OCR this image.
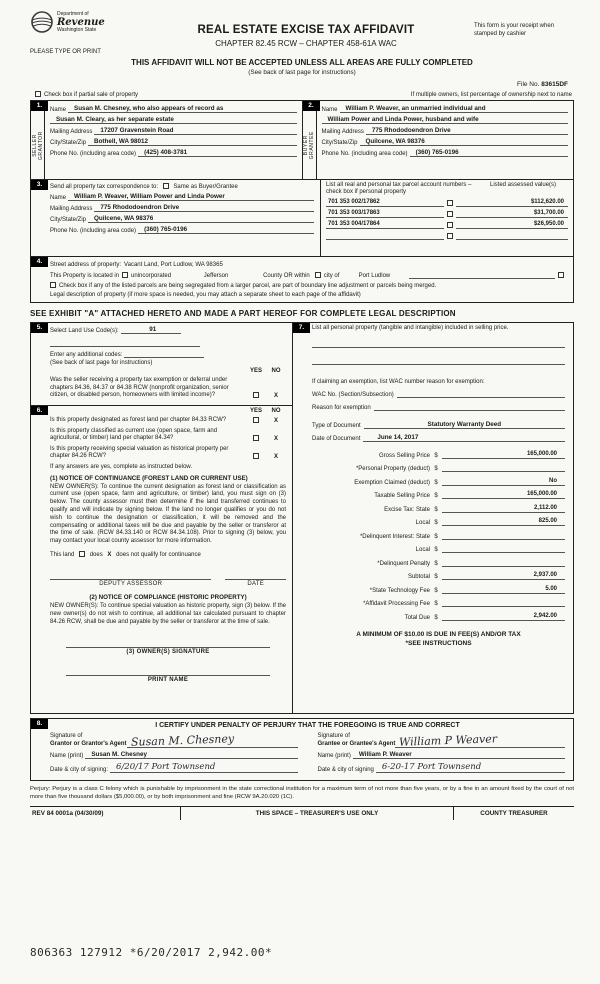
Department of
Revenue
Washington State
PLEASE TYPE OR PRINT
REAL ESTATE EXCISE TAX AFFIDAVIT
CHAPTER 82.45 RCW – CHAPTER 458-61A WAC
This form is your receipt when stamped by cashier
THIS AFFIDAVIT WILL NOT BE ACCEPTED UNLESS ALL AREAS ARE FULLY COMPLETED
(See back of last page for instructions)
File No. 83615DF
Check box if partial sale of property	If multiple owners, list percentage of ownership next to name
1.
SELLER GRANTOR
Name	Susan M. Chesney, who also appears of record as
Susan M. Cleary, as her separate estate
Mailing Address	17207 Gravenstein Road
City/State/Zip	Bothell, WA 98012
Phone No. (including area code)	(425) 408-3781
2.
BUYER GRANTEE
Name	William P. Weaver, an unmarried individual and
William Power and Linda Power, husband and wife
Mailing Address	775 Rhododoendron Drive
City/State/Zip	Quilcene, WA 98376
Phone No. (including area code)	(360) 765-0196
3.	Send all property tax correspondence to:	Same as Buyer/Grantee
Name	William P. Weaver, William Power and Linda Power
Mailing Address	775 Rhododoendron Drive
City/State/Zip	Quilcene, WA 98376
Phone No. (including area code)	(360) 765-0196
List all real and personal tax parcel account numbers – check box if personal property
Listed assessed value(s)
701 353 002/17862	$112,620.00
701 353 003/17863	$31,700.00
701 353 004/17864	$26,950.00
4.	Street address of property: Vacant Land, Port Ludlow, WA 98365
This Property is located in unincorporated	Jefferson	County OR within city of	Port Ludlow
Check box if any of the listed parcels are being segregated from a larger parcel, are part of boundary line adjustment or parcels being merged.
Legal description of property (if more space is needed, you may attach a separate sheet to each page of the affidavit)
SEE EXHIBIT "A" ATTACHED HERETO AND MADE A PART HEREOF FOR COMPLETE LEGAL DESCRIPTION
5.	Select Land Use Code(s):	91
Enter any additional codes:
(See back of last page for instructions)
YES	NO
Was the seller receiving a property tax exemption or deferral under chapters 84.36, 84.37 or 84.38 RCW (nonprofit organization, senior citizen, or disabled person, homeowners with limited income)?	X
6.	YES	NO
Is this property designated as forest land per chapter 84.33 RCW?	X
Is this property classified as current use (open space, farm and agricultural, or timber) land per chapter 84.34?	X
Is this property receiving special valuation as historical property per chapter 84.26 RCW?	X
If any answers are yes, complete as instructed below.
(1) NOTICE OF CONTINUANCE (FOREST LAND OR CURRENT USE)
NEW OWNER(S): To continue the current designation as forest land or classification as current use (open space, farm and agriculture, or timber) land, you must sign on (3) below. The county assessor must then determine if the land transferred continues to qualify and will indicate by signing below. If the land no longer qualifies or you do not wish to continue the designation or classification, it will be removed and the compensating or additional taxes will be due and payable by the seller or transferor at the time of sale. (RCW 84.33.140 or RCW 84.34.108). Prior to signing (3) below, you may contact your local county assessor for more information.
This land	does X does not qualify for continuance
DEPUTY ASSESSOR	DATE
(2) NOTICE OF COMPLIANCE (HISTORIC PROPERTY)
NEW OWNER(S): To continue special valuation as historic property, sign (3) below. If the new owner(s) do not wish to continue, all additional tax calculated pursuant to chapter 84.26 RCW, shall be due and payable by the seller or transferor at the time of sale.
(3) OWNER(S) SIGNATURE
PRINT NAME
7.	List all personal property (tangible and intangible) included in selling price.
If claiming an exemption, list WAC number reason for exemption:
WAC No. (Section/Subsection)
Reason for exemption
Type of Document	Statutory Warranty Deed
Date of Document	June 14, 2017
Gross Selling Price $	165,000.00
*Personal Property (deduct) $
Exemption Claimed (deduct) $	No
Taxable Selling Price $	165,000.00
Excise Tax: State $	2,112.00
Local $	825.00
*Delinquent Interest: State $
Local $
*Delinquent Penalty $
Subtotal $	2,937.00
*State Technology Fee $	5.00
*Affidavit Processing Fee $
Total Due $	2,942.00
A MINIMUM OF $10.00 IS DUE IN FEE(S) AND/OR TAX
*SEE INSTRUCTIONS
8.	I CERTIFY UNDER PENALTY OF PERJURY THAT THE FOREGOING IS TRUE AND CORRECT
Signature of
Grantor or Grantor's Agent Susan M. Chesney
Name (print)	Susan M. Chesney
Date & city of signing: 6/20/17 Port Townsend
Signature of
Grantee or Grantee's Agent William P Weaver
Name (print)	William P. Weaver
Date & city of signing 6-20-17 Port Townsend
Perjury: Perjury is a class C felony which is punishable by imprisonment in the state correctional institution for a maximum term of not more than five years, or by a fine in an amount fixed by the court of not more than five thousand dollars ($5,000.00), or by both imprisonment and fine (RCW 9A.20.020 (1C).
REV 84 0001a (04/30/09)	THIS SPACE – TREASURER'S USE ONLY	COUNTY TREASURER
806363 127912 *6/20/2017 2,942.00*
